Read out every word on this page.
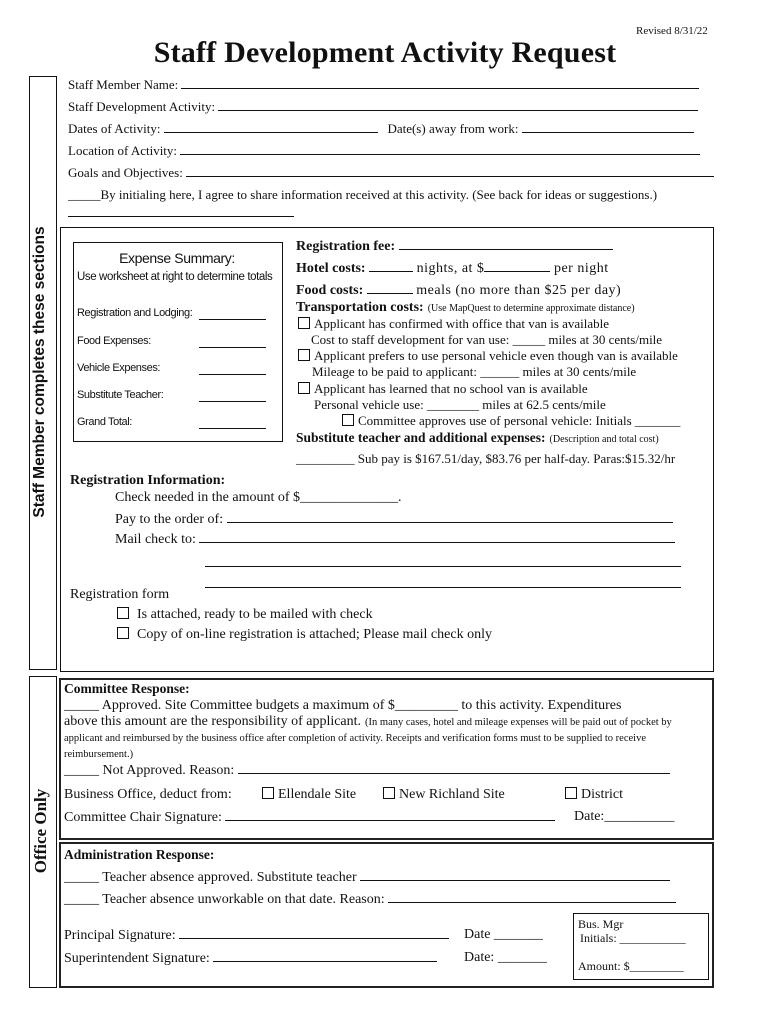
Revised 8/31/22
Staff Development Activity Request
Staff Member completes these sections
Office Only
Staff Member Name:
Staff Development Activity:
Dates of Activity:	Date(s) away from work:
Location of Activity:
Goals and Objectives:
_____By initialing here, I agree to share information received at this activity. (See back for ideas or suggestions.)
Expense Summary:
Use worksheet at right to determine totals
Registration and Lodging:
Food Expenses:
Vehicle Expenses:
Substitute Teacher:
Grand Total:
Registration fee:
Hotel costs:	nights, at $	per night
Food costs:	meals (no more than $25 per day)
Transportation costs: (Use MapQuest to determine approximate distance)
Applicant has confirmed with office that van is available
Cost to staff development for van use: _____ miles at 30 cents/mile
Applicant prefers to use personal vehicle even though van is available
Mileage to be paid to applicant: ______ miles at 30 cents/mile
Applicant has learned that no school van is available
Personal vehicle use: ________ miles at 62.5 cents/mile
Committee approves use of personal vehicle: Initials _______
Substitute teacher and additional expenses: (Description and total cost)
_________ Sub pay is $167.51/day, $83.76 per half-day. Paras:$15.32/hr
Registration Information:
Check needed in the amount of $______________.
Pay to the order of:
Mail check to:
Registration form
Is attached, ready to be mailed with check
Copy of on-line registration is attached; Please mail check only
Committee Response:
_____ Approved. Site Committee budgets a maximum of $_________ to this activity. Expenditures
above this amount are the responsibility of applicant. (In many cases, hotel and mileage expenses will be paid out of pocket by applicant and reimbursed by the business office after completion of activity. Receipts and verification forms must to be supplied to receive reimbursement.)
_____ Not Approved. Reason:
Business Office, deduct from:	Ellendale Site	New Richland Site	District
Committee Chair Signature:	Date:__________
Administration Response:
_____ Teacher absence approved. Substitute teacher
_____ Teacher absence unworkable on that date. Reason:
Principal Signature:	Date _______
Superintendent Signature:	Date: _______
Bus. Mgr
Initials: ___________
Amount: $_________
